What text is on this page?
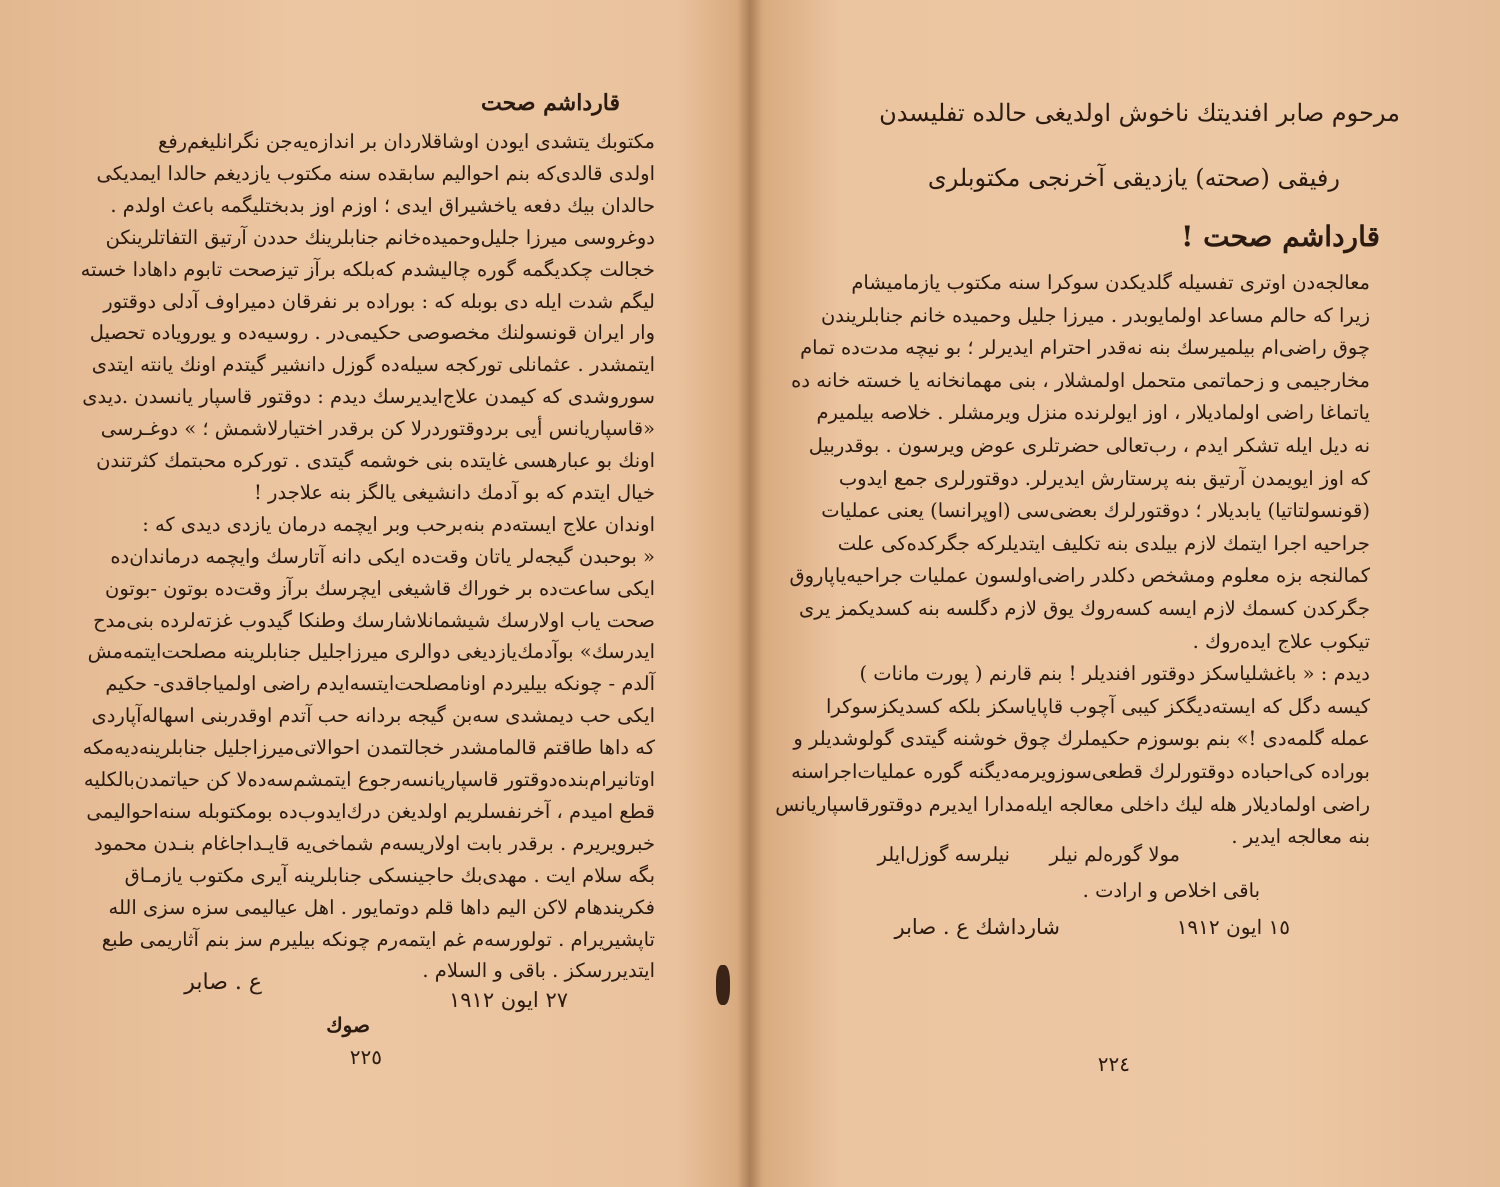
قارداشم صحت
مکتوبك يتشدی ايودن اوشاقلاردان بر اندازه‌يه‌جن نگرانليغم‌رفع
اولدی قالدی‌كه بنم احواليم سابقده سنه مکتوب يازديغم حالدا ايمديكی
حالدان بيك دفعه ياخشيراق ايدی ؛ اوزم اوز بدبختليگمه باعث اولدم .
دوغروسی ميرزا جليل‌وحميده‌خانم جنابلرينك حددن آرتيق التفاتلرينكن
خجالت چكديگمه گوره چاليشدم كه‌بلكه برآز تيزصحت تابوم داهادا خسته
ليگم شدت ايله دی بوبله كه : بوراده بر نفرقان دميراوف آدلی دوقتور
وار ايران قونسولنك مخصوصی حكيمی‌در . روسيه‌ده و يورويا‌ده تحصيل
ايتمشدر . عثمانلی توركجه سيله‌ده گوزل دانشير گيتدم اونك يانته ايتدی
سوروشدی كه كيمدن علاج‌ايديرسك ديدم : دوقتور قاسپار يانسدن .ديدی
«قاسپاريانس أيی بردوقتوردرلا كن برقدر اختيارلاشمش ؛ » دوغـرسی
اونك بو عبارهسی غايتده بنی خوشمه گيتدی . توركره محبتمك كثرتندن
خيال ايتدم كه بو آدمك دانشيغی يالگز بنه علاجدر !
اوندان علاج ايسته‌دم بنه‌برحب وبر ايچمه درمان يازدی ديدی كه :
« بوحبدن گيجه‌لر ياتان وقت‌ده ايكی دانه آتارسك وايچمه درماندان‌ده
ايكی ساعت‌ده بر خوراك قاشيغی ايچرسك برآز وقت‌ده بوتون -بوتون
صحت ياب اولارسك شيشمانلاشارسك وطنكا گيدوب غزته‌لرده بنی‌مدح
ايدرسك» بوآدمك‌يازديغی دوالری ميرزاجليل جنابلرينه مصلحت‌ايتمه‌مش
آلدم - چونكه بيليردم اونامصلحت‌ايتسه‌ايدم راضی اولمياجاقدی- حكيم
ايكی حب ديمشدی سه‌بن گيجه بردانه حب آتدم اوقدربنی اسهاله‌آپاردی
كه داها طاقتم قالمامشدر خجالتمدن احوالاتی‌ميرزاجليل جنابلرينه‌ديه‌مكه
اوتانيرام‌بنده‌دوقتور قاسپاريانسه‌رجوع ايتمشم‌سه‌ده‌لا كن حياتمدن‌بالكليه
قطع اميدم ، آخرنفسلريم اولديغن درك‌ايدوب‌ده بومكتوبله سنه‌احواليمی
خبرويريرم . برقدر بابت اولاريسه‌م شماخی‌يه قايـداجاغام بنـدن محمود
بگه سلام ايت . مهدی‌بك حاجينسكی جنابلرينه آيری مكتوب يازمـاق
فكريندهام لاكن اليم داها قلم دوتمايور . اهل عياليمی سزه سزی الله
تاپشيريرام . تولورسه‌م غم ايتمه‌رم چونكه بيليرم سز بنم آثاريمی طبع
ايتديررسكز . باقی و السلام .
ع . صابر
٢٧ ايون ١٩١٢
صوك
٢٢٥
مرحوم صابر افنديتك ناخوش اولديغی حالده تفليسدن
رفيقی (صحته) يازديقی آخرنجی مكتوبلری
قارداشم صحت !
معالجه‌دن اوتری تفسيله گلديكدن سوكرا سنه مکتوب يازماميشام
زيرا كه حالم مساعد اولمايوبدر . ميرزا جليل وحميده خانم جنابلريندن
چوق راضی‌ام بيلميرسك بنه نه‌قدر احترام ايديرلر ؛ بو نيچه مدت‌ده تمام
مخارجيمی و زحماتمی متحمل اولمشلار ، بنی مهمانخانه يا خسته خانه ده
ياتماغا راضی اولماديلار ، اوز ايولرنده منزل ويرمشلر . خلاصه بيلميرم
نه ديل ايله تشكر ايدم ، رب‌تعالی حضرتلری عوض ويرسون . بوقدربيل
كه اوز ايويمدن آرتيق بنه پرستارش ايديرلر. دوقتورلری جمع ايدوب
(قونسولتاتيا) يابديلار ؛ دوقتورلرك بعضی‌سی (اوپرانسا) يعنی عمليات
جراحيه اجرا ايتمك لازم بيلدی بنه تكليف ايتديلركه جگرکده‌كی علت
كمالنجه بزه معلوم ومشخص دكلدر راضی‌اولسون عمليات جراحيه‌ياپاروق
جگركدن كسمك لازم ايسه كسه‌روك يوق لازم دگلسه بنه كسديكمز يری
تيكوب علاج ايده‌روك .
ديدم : « باغشلياسكز دوقتور افنديلر ! بنم قارنم ( پورت مانات )
كيسه دگل كه ايسته‌ديگكز كيبی آچوب قاپاياسكز بلكه كسديكزسوكرا
عمله گلمه‌دی !» بنم بوسوزم حكيملرك چوق خوشنه گيتدی گولوشديلر و
بوراده كی‌احباده دوقتورلرك قطعی‌سوزويرمه‌ديگنه گوره عمليات‌اجراسنه
راضی اولماديلار هله ليك داخلی معالجه ايله‌مدارا ايديرم دوقتورقاسپاريانس
بنه معالجه ايدير .
مولا گوره‌لم نيلر
نيلرسه گوزل‌ايلر
باقی اخلاص و ارادت .
١٥ ايون ١٩١٢
شارداشك ع . صابر
٢٢٤
